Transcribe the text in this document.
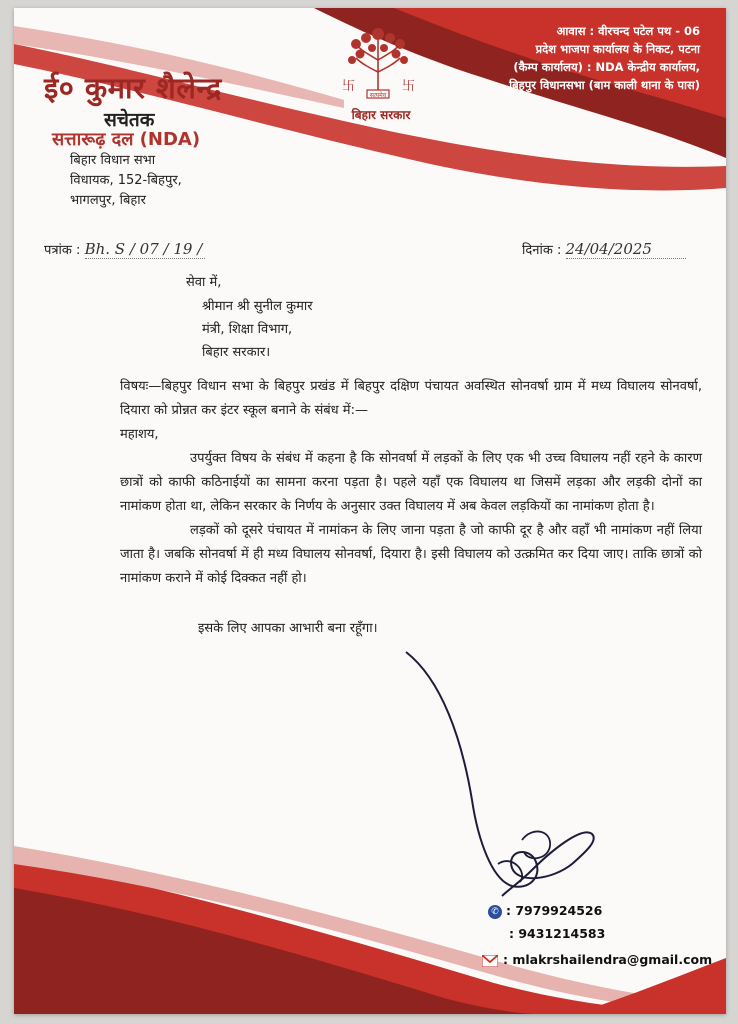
ई० कुमार शैलेन्द्र
सचेतक
सत्तारूढ़ दल (NDA)
बिहार विधान सभा
विधायक, 152-बिहपुर,
भागलपुर, बिहार
सत्यमेव
卐	卐
बिहार सरकार
आवास : वीरचन्द पटेल पथ - 06
प्रदेश भाजपा कार्यालय के निकट, पटना
(कैम्प कार्यालय) : NDA केन्द्रीय कार्यालय,
बिहपुर विधानसभा (बाम काली थाना के पास)
पत्रांक : Bh. S / 07 / 19 /	दिनांक : 24/04/2025
सेवा में,
श्रीमान श्री सुनील कुमार
मंत्री, शिक्षा विभाग,
बिहार सरकार।

विषयः—बिहपुर विधान सभा के बिहपुर प्रखंड में बिहपुर दक्षिण पंचायत अवस्थित सोनवर्षा ग्राम में मध्य विघालय सोनवर्षा, दियारा को प्रोन्नत कर इंटर स्कूल बनाने के संबंध में:—

महाशय,

उपर्युक्त विषय के संबंध में कहना है कि सोनवर्षा में लड़कों के लिए एक भी उच्च विघालय नहीं रहने के कारण छात्रों को काफी कठिनाईयों का सामना करना पड़ता है। पहले यहाँ एक विघालय था जिसमें लड़का और लड़की दोनों का नामांकण होता था, लेकिन सरकार के निर्णय के अनुसार उक्त विघालय में अब केवल लड़कियों का नामांकण होता है।

लड़कों को दूसरे पंचायत में नामांकन के लिए जाना पड़ता है जो काफी दूर है और वहाँ भी नामांकण नहीं लिया जाता है। जबकि सोनवर्षा में ही मध्य विघालय सोनवर्षा, दियारा है। इसी विघालय को उत्क्रमित कर दिया जाए। ताकि छात्रों को नामांकण कराने में कोई दिक्कत नहीं हो।

इसके लिए आपका आभारी बना रहूँगा।
✆ : 7979924526
: 9431214583
: mlakrshailendra@gmail.com
